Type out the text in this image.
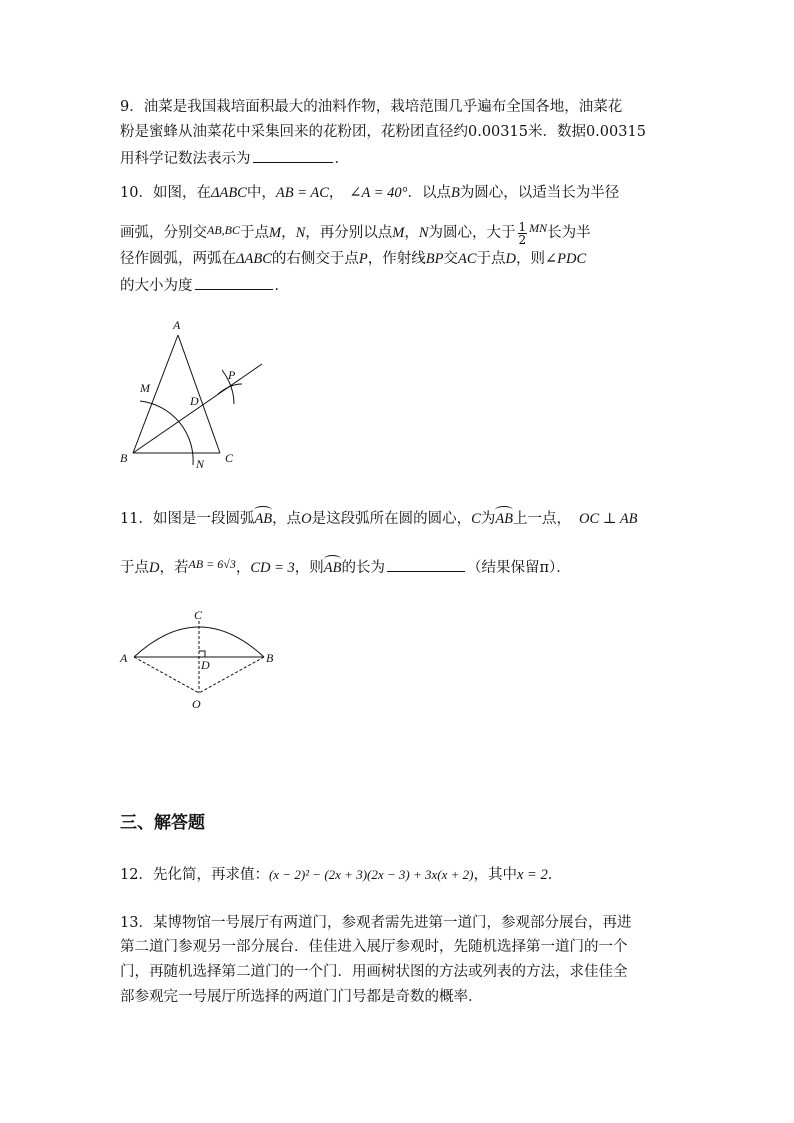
9．油菜是我国栽培面积最大的油料作物，栽培范围几乎遍布全国各地，油菜花
粉是蜜蜂从油菜花中采集回来的花粉团，花粉团直径约0.00315米．数据0.00315
用科学记数法表示为	．
10．如图，在ΔABC中，AB = AC， ∠A = 40°．以点B为圆心，以适当长为半径
画弧，分别交$^{AB,BC}$于点M，N，再分别以点M，N为圆心，大于 $\frac{1}{2} ^{MN}$长为半
径作圆弧，两弧在ΔABC的右侧交于点P，作射线BP交AC于点D，则∠PDC
的大小为度	．
A
B	C
M
N
D
P
11．如图是一段圆弧AB，点O是这段弧所在圆的圆心，C为AB上一点， OC ⊥ AB
于点D，若$^{AB = 6√3}$，CD = 3，则AB的长为	（结果保留π）．
C
A	B
D
O
三、解答题
12．先化简，再求值：(x − 2)² − (2x + 3)(2x − 3) + 3x(x + 2)，其中x = 2．
13．某博物馆一号展厅有两道门，参观者需先进第一道门，参观部分展台，再进
第二道门参观另一部分展台．佳佳进入展厅参观时，先随机选择第一道门的一个
门，再随机选择第二道门的一个门．用画树状图的方法或列表的方法，求佳佳全
部参观完一号展厅所选择的两道门门号都是奇数的概率．
